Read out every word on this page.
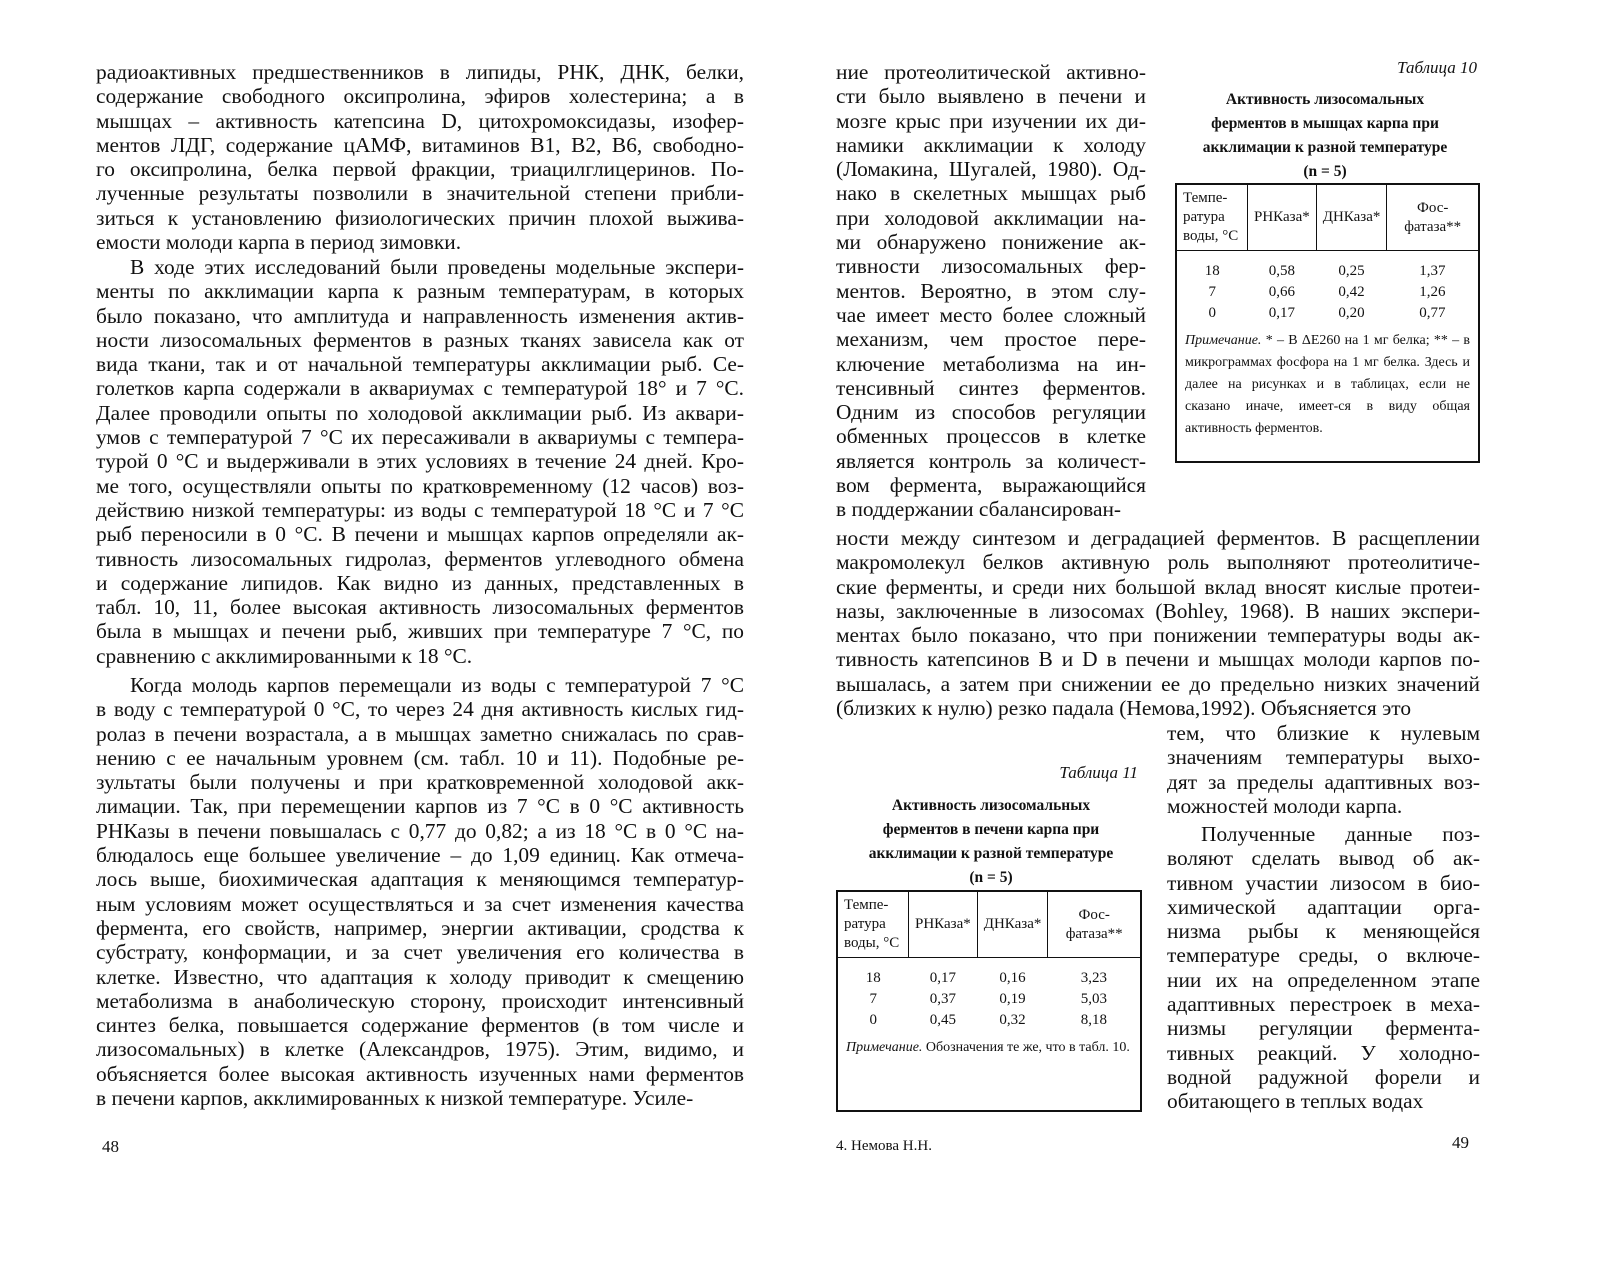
радиоактивных предшественников в липиды, РНК, ДНК, белки,
содержание свободного оксипролина, эфиров холестерина; а в
мышцах – активность катепсина D, цитохромоксидазы, изофер-
ментов ЛДГ, содержание цАМФ, витаминов B1, B2, B6, свободно-
го оксипролина, белка первой фракции, триацилглицеринов. По-
лученные результаты позволили в значительной степени прибли-
зиться к установлению физиологических причин плохой выжива-
емости молоди карпа в период зимовки.
В ходе этих исследований были проведены модельные экспери-
менты по акклимации карпа к разным температурам, в которых
было показано, что амплитуда и направленность изменения актив-
ности лизосомальных ферментов в разных тканях зависела как от
вида ткани, так и от начальной температуры акклимации рыб. Се-
голетков карпа содержали в аквариумах с температурой 18° и 7 °С.
Далее проводили опыты по холодовой акклимации рыб. Из аквари-
умов с температурой 7 °С их пересаживали в аквариумы с темпера-
турой 0 °С и выдерживали в этих условиях в течение 24 дней. Кро-
ме того, осуществляли опыты по кратковременному (12 часов) воз-
действию низкой температуры: из воды с температурой 18 °С и 7 °С
рыб переносили в 0 °С. В печени и мышцах карпов определяли ак-
тивность лизосомальных гидролаз, ферментов углеводного обмена
и содержание липидов. Как видно из данных, представленных в
табл. 10, 11, более высокая активность лизосомальных ферментов
была в мышцах и печени рыб, живших при температуре 7 °С, по
сравнению с акклимированными к 18 °С.
Когда молодь карпов перемещали из воды с температурой 7 °С
в воду с температурой 0 °С, то через 24 дня активность кислых гид-
ролаз в печени возрастала, а в мышцах заметно снижалась по срав-
нению с ее начальным уровнем (см. табл. 10 и 11). Подобные ре-
зультаты были получены и при кратковременной холодовой акк-
лимации. Так, при перемещении карпов из 7 °С в 0 °С активность
РНКазы в печени повышалась с 0,77 до 0,82; а из 18 °С в 0 °С на-
блюдалось еще большее увеличение – до 1,09 единиц. Как отмеча-
лось выше, биохимическая адаптация к меняющимся температур-
ным условиям может осуществляться и за счет изменения качества
фермента, его свойств, например, энергии активации, сродства к
субстрату, конформации, и за счет увеличения его количества в
клетке. Известно, что адаптация к холоду приводит к смещению
метаболизма в анаболическую сторону, происходит интенсивный
синтез белка, повышается содержание ферментов (в том числе и
лизосомальных) в клетке (Александров, 1975). Этим, видимо, и
объясняется более высокая активность изученных нами ферментов
в печени карпов, акклимированных к низкой температуре. Усиле-
48
ние протеолитической активно-
сти было выявлено в печени и
мозге крыс при изучении их ди-
намики акклимации к холоду
(Ломакина, Шугалей, 1980). Од-
нако в скелетных мышцах рыб
при холодовой акклимации на-
ми обнаружено понижение ак-
тивности лизосомальных фер-
ментов. Вероятно, в этом слу-
чае имеет место более сложный
механизм, чем простое пере-
ключение метаболизма на ин-
тенсивный синтез ферментов.
Одним из способов регуляции
обменных процессов в клетке
является контроль за количест-
вом фермента, выражающийся
в поддержании сбалансирован-
Таблица 10
Активность лизосомальных
ферментов в мышцах карпа при
акклимации к разной температуре
(n = 5)
Темпе-ратура воды, °С	РНКаза*	ДНКаза*	Фос-фатаза**
18	0,58	0,25	1,37
7	0,66	0,42	1,26
0	0,17	0,20	0,77
Примечание. * – В ΔE260 на 1 мг белка; ** – в микрограммах фосфора на 1 мг белка. Здесь и далее на рисунках и в таблицах, если не сказано иначе, имеет-ся в виду общая активность ферментов.
ности между синтезом и деградацией ферментов. В расщеплении
макромолекул белков активную роль выполняют протеолитиче-
ские ферменты, и среди них большой вклад вносят кислые протеи-
назы, заключенные в лизосомах (Bohley, 1968). В наших экспери-
ментах было показано, что при понижении температуры воды ак-
тивность катепсинов В и D в печени и мышцах молоди карпов по-
вышалась, а затем при снижении ее до предельно низких значений
(близких к нулю) резко падала (Немова,1992). Объясняется это
Таблица 11
Активность лизосомальных
ферментов в печени карпа при
акклимации к разной температуре
(n = 5)
Темпе-ратура воды, °С	РНКаза*	ДНКаза*	Фос-фатаза**
18	0,17	0,16	3,23
7	0,37	0,19	5,03
0	0,45	0,32	8,18
Примечание. Обозначения те же, что в табл. 10.
тем, что близкие к нулевым
значениям температуры выхо-
дят за пределы адаптивных воз-
можностей молоди карпа.
Полученные данные поз-
воляют сделать вывод об ак-
тивном участии лизосом в био-
химической адаптации орга-
низма рыбы к меняющейся
температуре среды, о включе-
нии их на определенном этапе
адаптивных перестроек в меха-
низмы регуляции фермента-
тивных реакций. У холодно-
водной радужной форели и
обитающего в теплых водах
4. Немова Н.Н.	49
